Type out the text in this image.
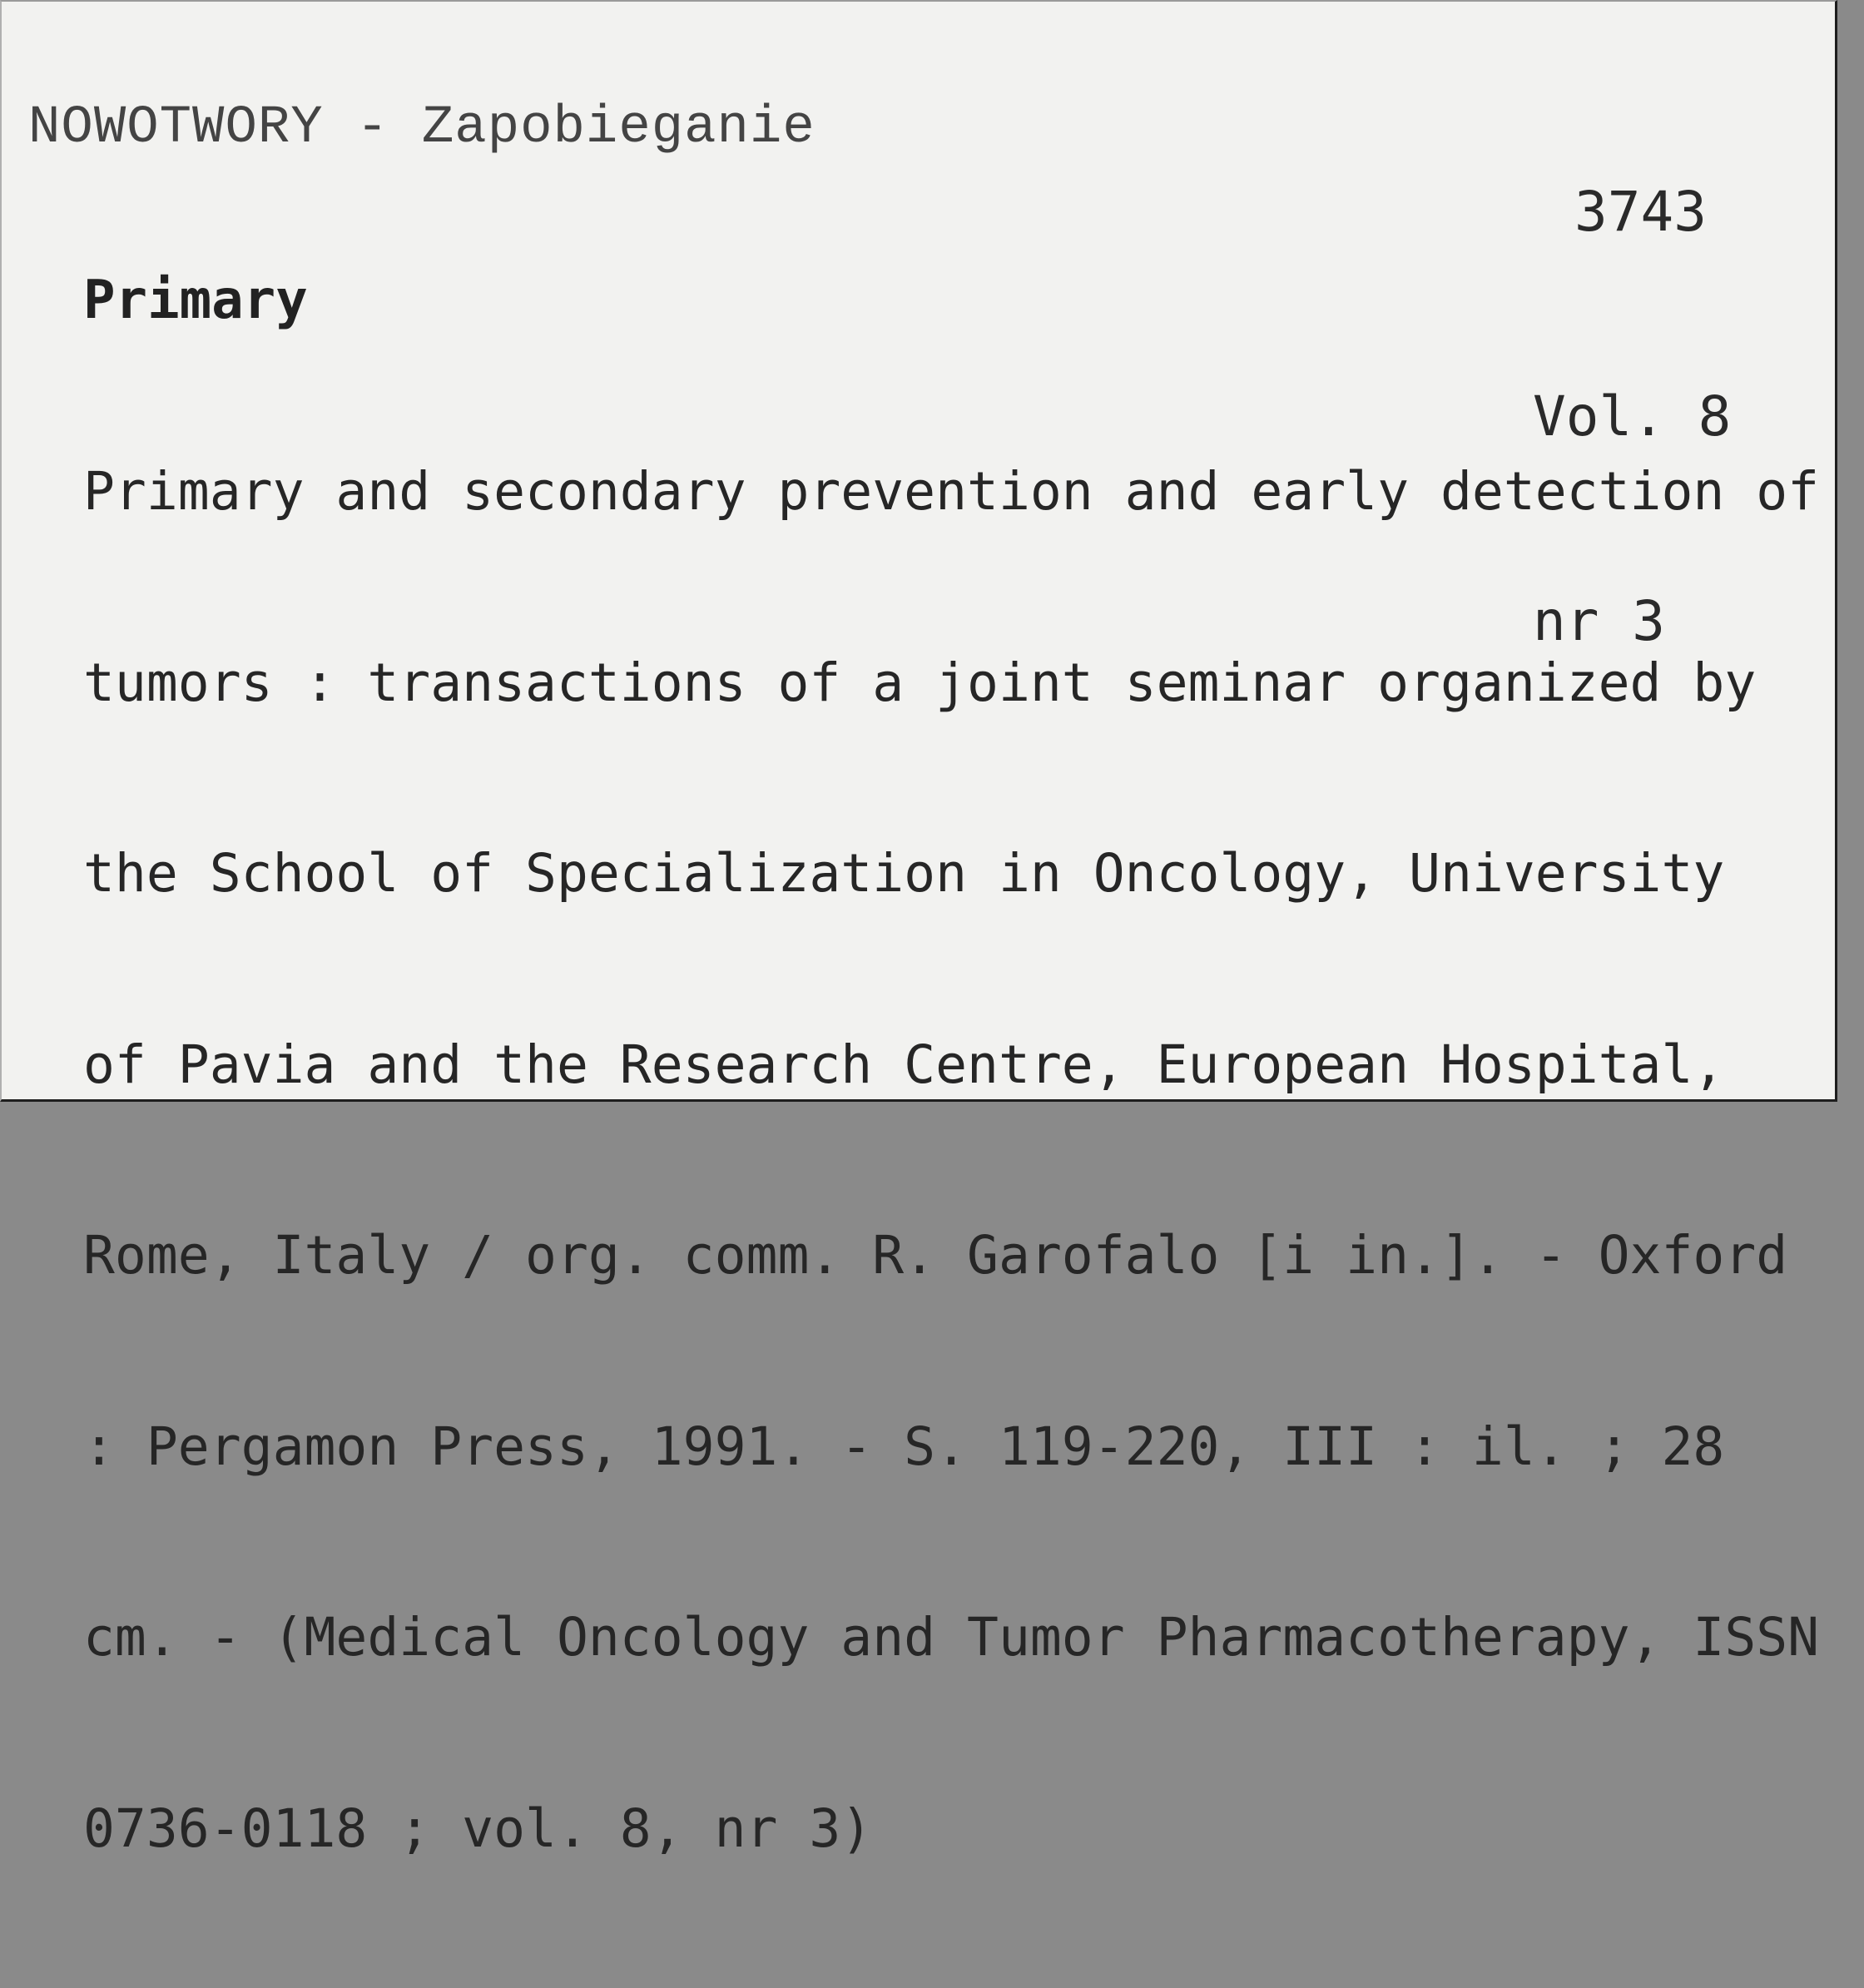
NOWOTWORY - Zapobieganie

3743

Vol. 8

nr 3

Primary

Primary and secondary prevention and early detection of

tumors : transactions of a joint seminar organized by

the School of Specialization in Oncology, University

of Pavia and the Research Centre, European Hospital,

Rome, Italy / org. comm. R. Garofalo [i in.]. - Oxford

: Pergamon Press, 1991. - S. 119-220, III : il. ; 28

cm. - (Medical Oncology and Tumor Pharmacotherapy, ISSN

0736-0118 ; vol. 8, nr 3)
